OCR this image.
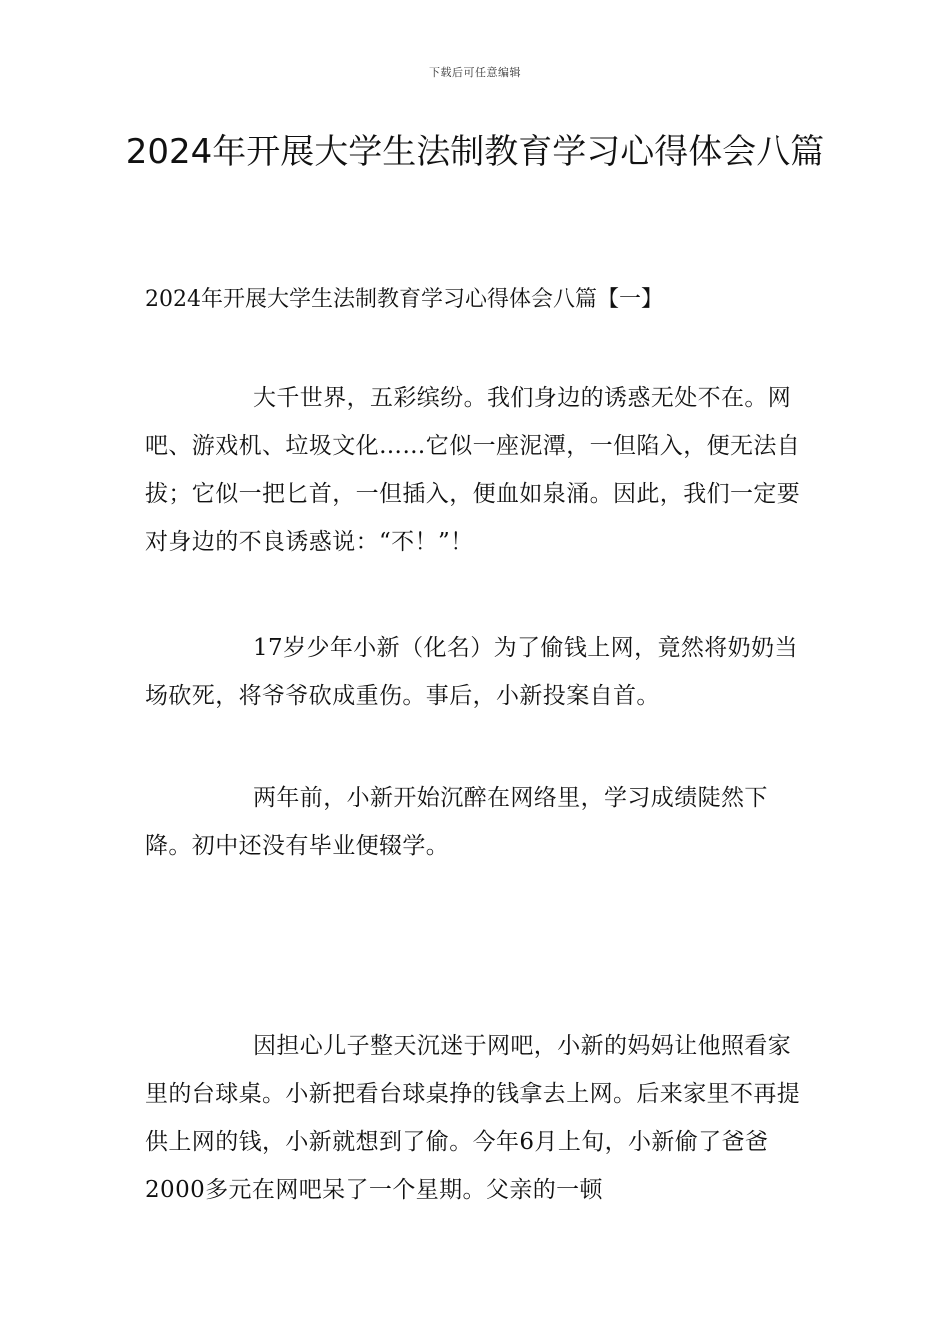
下载后可任意编辑
2024年开展大学生法制教育学习心得体会八篇

2024年开展大学生法制教育学习心得体会八篇【一】

大千世界，五彩缤纷。我们身边的诱惑无处不在。网吧、游戏机、垃圾文化……它似一座泥潭，一但陷入，便无法自拔；它似一把匕首，一但插入，便血如泉涌。因此，我们一定要对身边的不良诱惑说：“不！”！

17岁少年小新（化名）为了偷钱上网，竟然将奶奶当场砍死，将爷爷砍成重伤。事后，小新投案自首。

两年前，小新开始沉醉在网络里，学习成绩陡然下降。初中还没有毕业便辍学。

因担心儿子整天沉迷于网吧，小新的妈妈让他照看家里的台球桌。小新把看台球桌挣的钱拿去上网。后来家里不再提供上网的钱，小新就想到了偷。今年6月上旬，小新偷了爸爸2000多元在网吧呆了一个星期。父亲的一顿
